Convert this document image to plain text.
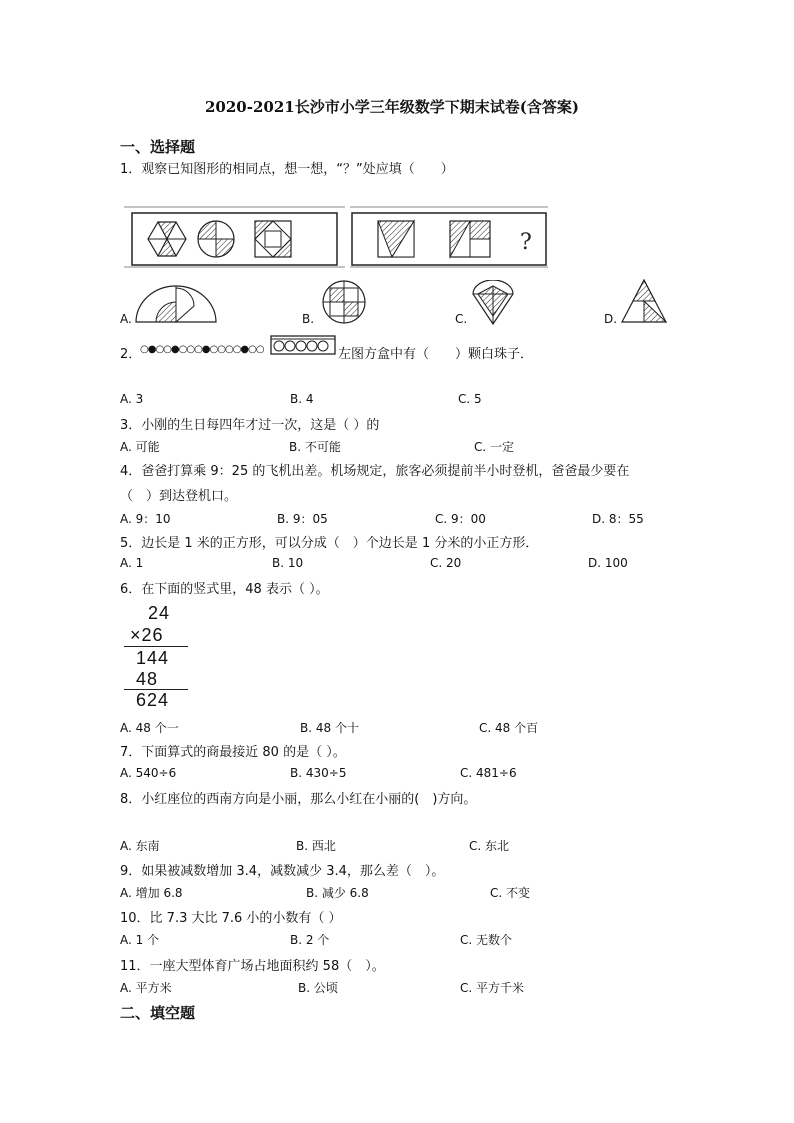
2020-2021长沙市小学三年级数学下期末试卷(含答案)
一、选择题
1．观察已知图形的相同点，想一想，“？”处应填（　　）
?
A.	B.	C.	D.
2．
○●○○●○○○●○○○○●○○	左图方盒中有（　　）颗白珠子．
A. 3	B. 4	C. 5
3．小刚的生日每四年才过一次，这是（ ）的
A. 可能	B. 不可能	C. 一定
4．爸爸打算乘 9：25 的飞机出差。机场规定，旅客必须提前半小时登机，爸爸最少要在
（　）到达登机口。
A. 9：10	B. 9：05	C. 9：00	D. 8：55
5．边长是 1 米的正方形，可以分成（　）个边长是 1 分米的小正方形．
A. 1	B. 10	C. 20	D. 100
6．在下面的竖式里，48 表示（ ）。
24
×26
144
48
624
A. 48 个一	B. 48 个十	C. 48 个百
7．下面算式的商最接近 80 的是（ ）。
A. 540÷6	B. 430÷5	C. 481÷6
8．小红座位的西南方向是小丽，那么小红在小丽的(　)方向。
A. 东南	B. 西北	C. 东北
9．如果被减数增加 3.4，减数减少 3.4，那么差（　）。
A. 增加 6.8	B. 减少 6.8	C. 不变
10．比 7.3 大比 7.6 小的小数有（ ）
A. 1 个	B. 2 个	C. 无数个
11．一座大型体育广场占地面积约 58（　）。
A. 平方米	B. 公顷	C. 平方千米
二、填空题
